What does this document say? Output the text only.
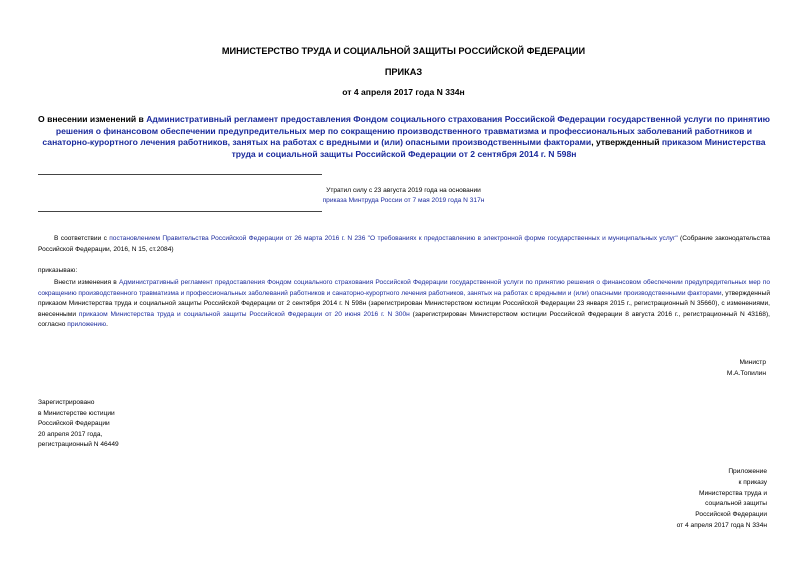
МИНИСТЕРСТВО ТРУДА И СОЦИАЛЬНОЙ ЗАЩИТЫ РОССИЙСКОЙ ФЕДЕРАЦИИ
ПРИКАЗ
от 4 апреля 2017 года N 334н
О внесении изменений в Административный регламент предоставления Фондом социального страхования Российской Федерации государственной услуги по принятию решения о финансовом обеспечении предупредительных мер по сокращению производственного травматизма и профессиональных заболеваний работников и санаторно-курортного лечения работников, занятых на работах с вредными и (или) опасными производственными факторами, утвержденный приказом Министерства труда и социальной защиты Российской Федерации от 2 сентября 2014 г. N 598н
Утратил силу с 23 августа 2019 года на основании
приказа Минтруда России от 7 мая 2019 года N 317н
В соответствии с постановлением Правительства Российской Федерации от 26 марта 2016 г. N 236 "О требованиях к предоставлению в электронной форме государственных и муниципальных услуг" (Собрание законодательства Российской Федерации, 2016, N 15, ст.2084)
приказываю:
Внести изменения в Административный регламент предоставления Фондом социального страхования Российской Федерации государственной услуги по принятию решения о финансовом обеспечении предупредительных мер по сокращению производственного травматизма и профессиональных заболеваний работников и санаторно-курортного лечения работников, занятых на работах с вредными и (или) опасными производственными факторами, утвержденный приказом Министерства труда и социальной защиты Российской Федерации от 2 сентября 2014 г. N 598н (зарегистрирован Министерством юстиции Российской Федерации 23 января 2015 г., регистрационный N 35660), с изменениями, внесенными приказом Министерства труда и социальной защиты Российской Федерации от 20 июня 2016 г. N 300н (зарегистрирован Министерством юстиции Российской Федерации 8 августа 2016 г., регистрационный N 43168), согласно приложению.
Министр
М.А.Топилин
Зарегистрировано
в Министерстве юстиции
Российской Федерации
20 апреля 2017 года,
регистрационный N 46449
Приложение
к приказу
Министерства труда и
социальной защиты
Российской Федерации
от 4 апреля 2017 года N 334н
